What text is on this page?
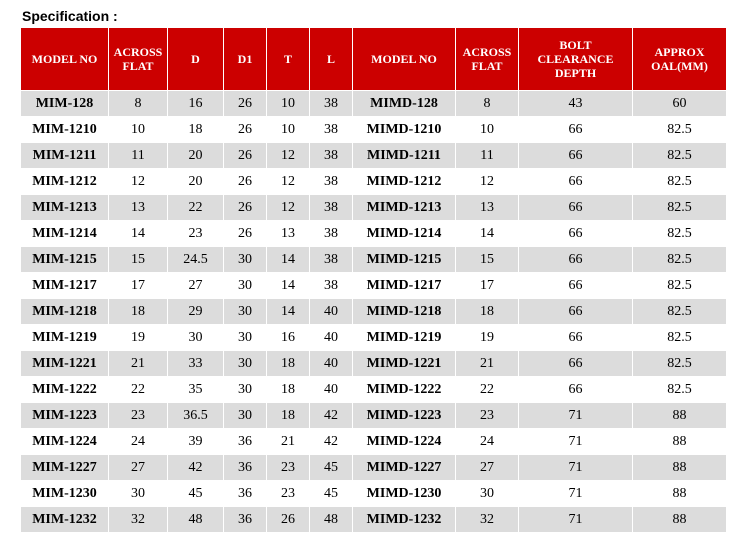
Specification :
MODEL NO	ACROSS FLAT	D	D1	T	L	MODEL NO	ACROSS FLAT	BOLT CLEARANCE DEPTH	APPROX OAL(MM)
MIM-128	8	16	26	10	38	MIMD-128	8	43	60
MIM-1210	10	18	26	10	38	MIMD-1210	10	66	82.5
MIM-1211	11	20	26	12	38	MIMD-1211	11	66	82.5
MIM-1212	12	20	26	12	38	MIMD-1212	12	66	82.5
MIM-1213	13	22	26	12	38	MIMD-1213	13	66	82.5
MIM-1214	14	23	26	13	38	MIMD-1214	14	66	82.5
MIM-1215	15	24.5	30	14	38	MIMD-1215	15	66	82.5
MIM-1217	17	27	30	14	38	MIMD-1217	17	66	82.5
MIM-1218	18	29	30	14	40	MIMD-1218	18	66	82.5
MIM-1219	19	30	30	16	40	MIMD-1219	19	66	82.5
MIM-1221	21	33	30	18	40	MIMD-1221	21	66	82.5
MIM-1222	22	35	30	18	40	MIMD-1222	22	66	82.5
MIM-1223	23	36.5	30	18	42	MIMD-1223	23	71	88
MIM-1224	24	39	36	21	42	MIMD-1224	24	71	88
MIM-1227	27	42	36	23	45	MIMD-1227	27	71	88
MIM-1230	30	45	36	23	45	MIMD-1230	30	71	88
MIM-1232	32	48	36	26	48	MIMD-1232	32	71	88
